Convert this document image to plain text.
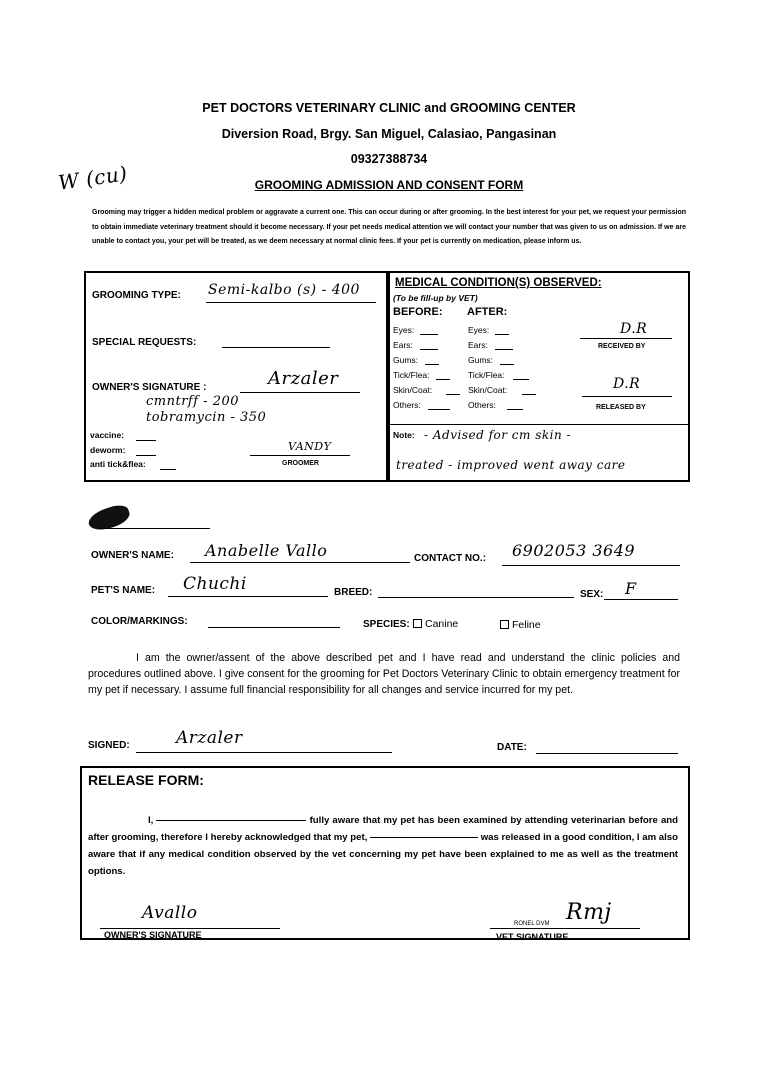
PET DOCTORS VETERINARY CLINIC and GROOMING CENTER
Diversion Road, Brgy. San Miguel, Calasiao, Pangasinan
09327388734
GROOMING ADMISSION AND CONSENT FORM
W (cu)
Grooming may trigger a hidden medical problem or aggravate a current one. This can occur during or after grooming. In the best interest for your pet, we request your permission to obtain immediate veterinary treatment should it become necessary. If your pet needs medical attention we will contact your number that was given to us on admission. If we are unable to contact you, your pet will be treated, as we deem necessary at normal clinic fees. If your pet is currently on medication, please inform us.
GROOMING TYPE: Semi-kalbo (s) - 400
SPECIAL REQUESTS:
OWNER'S SIGNATURE :	Arzaler
cmntrff - 200
tobramycin - 350
vaccine:
deworm:
anti tick&flea:
VANDY
GROOMER
MEDICAL CONDITION(S) OBSERVED:
(To be fill-up by VET)
BEFORE: AFTER:
Eyes:	Eyes:
Ears:	Ears:
Gums:	Gums:
Tick/Flea:	Tick/Flea:
Skin/Coat:	Skin/Coat:
Others:	Others:
D.R
RECEIVED BY
D.R
RELEASED BY
Note: - Advised for cm skin -
treated - improved went away care
OWNER'S NAME: Anabelle Vallo	CONTACT NO.: 6902053 3649
PET'S NAME: Chuchi	BREED:	SEX: F
COLOR/MARKINGS:	SPECIES:	Canine	Feline
I am the owner/assent of the above described pet and I have read and understand the clinic policies and procedures outlined above. I give consent for the grooming for Pet Doctors Veterinary Clinic to obtain emergency treatment for my pet if necessary. I assume full financial responsibility for all changes and service incurred for my pet.
SIGNED:	Arzaler	DATE:
RELEASE FORM:
I,	fully aware that my pet has been examined by attending veterinarian before and after grooming, therefore I hereby acknowledged that my pet,	was released in a good condition, I am also aware that if any medical condition observed by the vet concerning my pet have been explained to me as well as the treatment options.
Avallo
OWNER'S SIGNATURE
RONEL DVM Rmj
VET SIGNATURE
